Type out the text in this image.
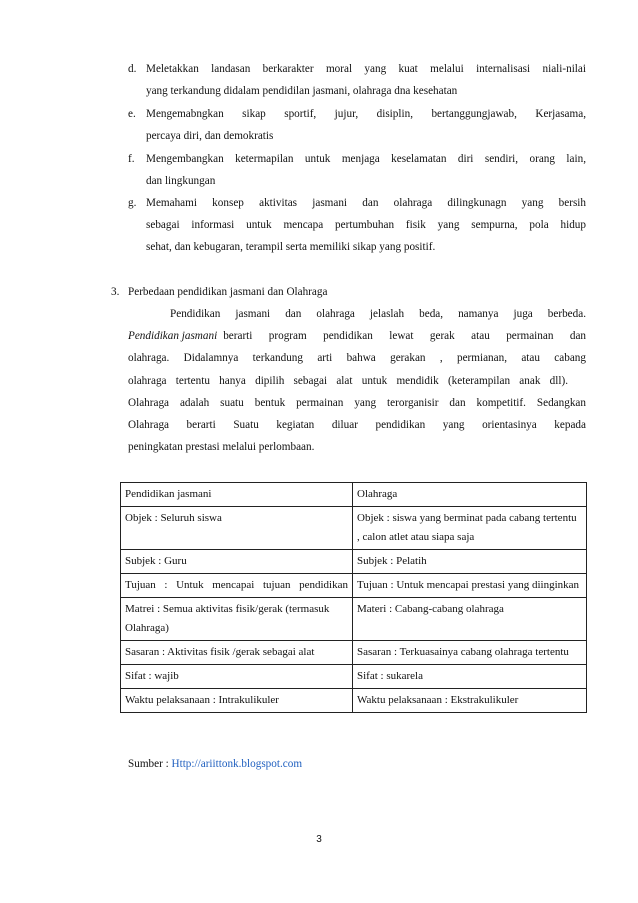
d. Meletakkan landasan berkarakter moral yang kuat melalui internalisasi niali-nilai
yang terkandung didalam pendidilan jasmani, olahraga dna kesehatan
e. Mengemabngkan sikap sportif, jujur, disiplin, bertanggungjawab, Kerjasama,
percaya diri, dan demokratis
f. Mengembangkan ketermapilan untuk menjaga keselamatan diri sendiri, orang lain,
dan lingkungan
g. Memahami konsep aktivitas jasmani dan olahraga dilingkunagn yang bersih
sebagai informasi untuk mencapa pertumbuhan fisik yang sempurna, pola hidup
sehat, dan kebugaran, terampil serta memiliki sikap yang positif.
3. Perbedaan pendidikan jasmani dan Olahraga
Pendidikan jasmani dan olahraga jelaslah beda, namanya juga berbeda.
Pendidikan jasmani berarti program pendidikan lewat gerak atau permainan dan
olahraga. Didalamnya terkandung arti bahwa gerakan , permianan, atau cabang
olahraga tertentu hanya dipilih sebagai alat untuk mendidik (keterampilan anak dll).
Olahraga adalah suatu bentuk permainan yang terorganisir dan kompetitif. Sedangkan
Olahraga berarti Suatu kegiatan diluar pendidikan yang orientasinya kepada
peningkatan prestasi melalui perlombaan.
Pendidikan jasmani	Olahraga
Objek : Seluruh siswa	Objek : siswa yang berminat pada cabang tertentu , calon atlet atau siapa saja
Subjek : Guru	Subjek : Pelatih
Tujuan : Untuk mencapai tujuan pendidikan	Tujuan : Untuk mencapai prestasi yang diinginkan
Matrei : Semua aktivitas fisik/gerak (termasuk Olahraga)	Materi : Cabang-cabang olahraga
Sasaran : Aktivitas fisik /gerak sebagai alat	Sasaran : Terkuasainya cabang olahraga tertentu
Sifat : wajib	Sifat : sukarela
Waktu pelaksanaan : Intrakulikuler	Waktu pelaksanaan : Ekstrakulikuler
Sumber : Http://ariittonk.blogspot.com
3
